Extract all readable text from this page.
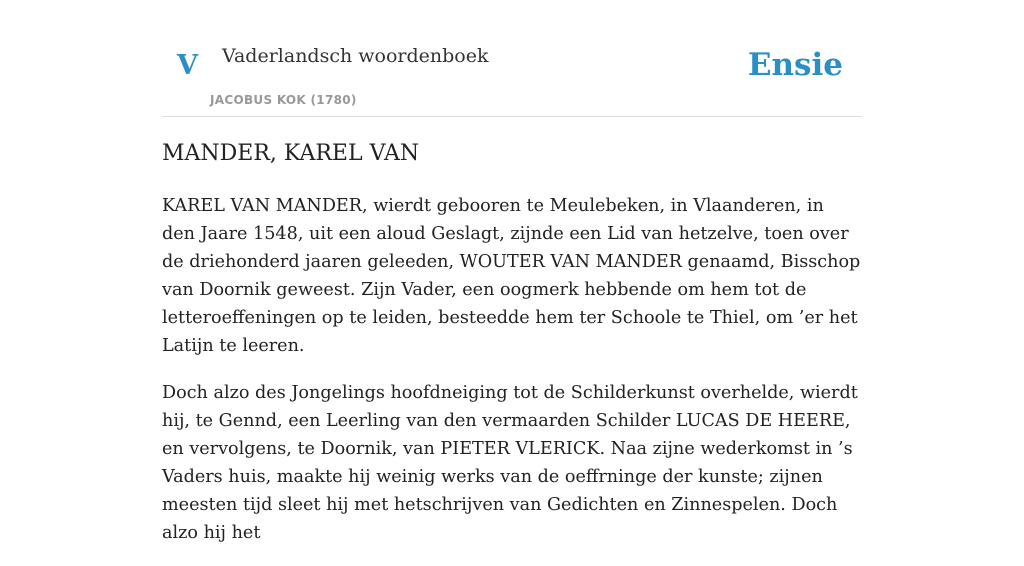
V Vaderlandsch woordenboek
JACOBUS KOK (1780)
Ensie
MANDER, KAREL VAN

KAREL VAN MANDER, wierdt gebooren te Meulebeken, in Vlaanderen, in den Jaare 1548, uit een aloud Geslagt, zijnde een Lid van hetzelve, toen over de driehonderd jaaren geleeden, WOUTER VAN MANDER genaamd, Bisschop van Doornik geweest. Zijn Vader, een oogmerk hebbende om hem tot de letteroeffeningen op te leiden, besteedde hem ter Schoole te Thiel, om ’er het Latijn te leeren.

Doch alzo des Jongelings hoofdneiging tot de Schilderkunst overhelde, wierdt hij, te Gennd, een Leerling van den vermaarden Schilder LUCAS DE HEERE, en vervolgens, te Doornik, van PIETER VLERICK. Naa zijne wederkomst in ’s Vaders huis, maakte hij weinig werks van de oeffrninge der kunste; zijnen meesten tijd sleet hij met hetschrijven van Gedichten en Zinnespelen. Doch alzo hij het
